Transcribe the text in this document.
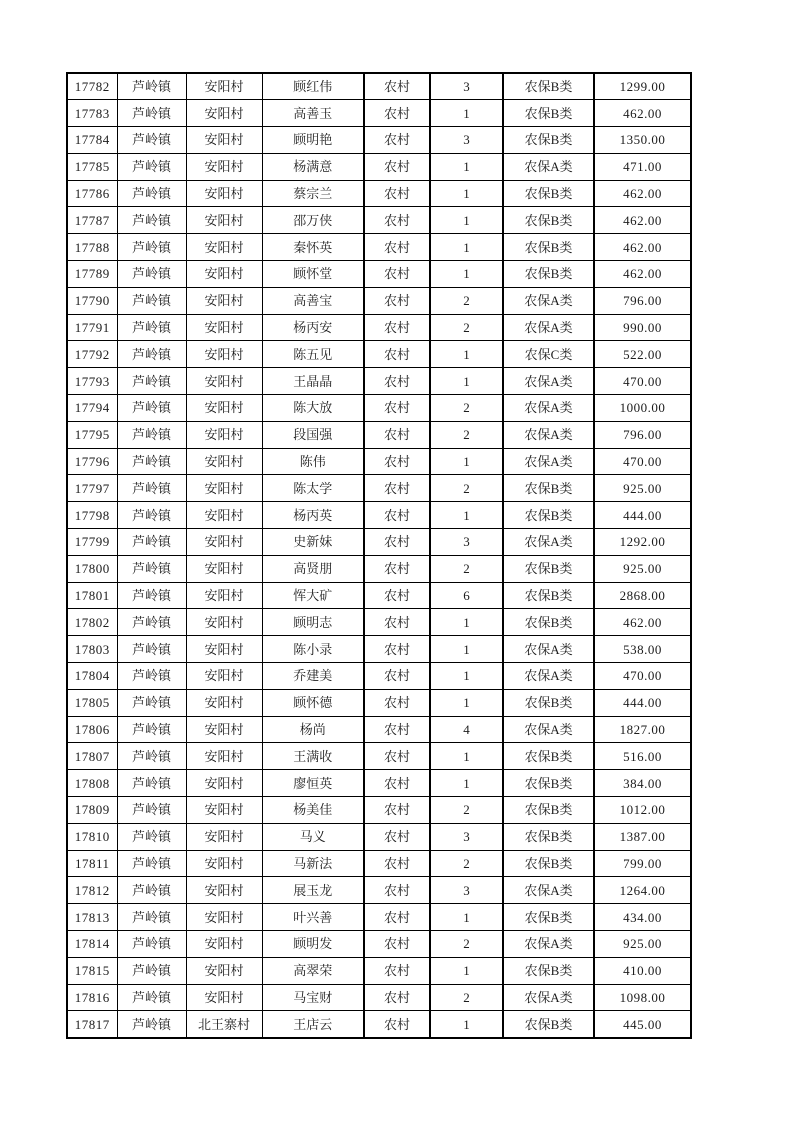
17782	芦岭镇	安阳村	顾红伟	农村	3	农保B类	1299.00
17783	芦岭镇	安阳村	高善玉	农村	1	农保B类	462.00
17784	芦岭镇	安阳村	顾明艳	农村	3	农保B类	1350.00
17785	芦岭镇	安阳村	杨满意	农村	1	农保A类	471.00
17786	芦岭镇	安阳村	蔡宗兰	农村	1	农保B类	462.00
17787	芦岭镇	安阳村	邵万侠	农村	1	农保B类	462.00
17788	芦岭镇	安阳村	秦怀英	农村	1	农保B类	462.00
17789	芦岭镇	安阳村	顾怀堂	农村	1	农保B类	462.00
17790	芦岭镇	安阳村	高善宝	农村	2	农保A类	796.00
17791	芦岭镇	安阳村	杨丙安	农村	2	农保A类	990.00
17792	芦岭镇	安阳村	陈五见	农村	1	农保C类	522.00
17793	芦岭镇	安阳村	王晶晶	农村	1	农保A类	470.00
17794	芦岭镇	安阳村	陈大放	农村	2	农保A类	1000.00
17795	芦岭镇	安阳村	段国强	农村	2	农保A类	796.00
17796	芦岭镇	安阳村	陈伟	农村	1	农保A类	470.00
17797	芦岭镇	安阳村	陈太学	农村	2	农保B类	925.00
17798	芦岭镇	安阳村	杨丙英	农村	1	农保B类	444.00
17799	芦岭镇	安阳村	史新妹	农村	3	农保A类	1292.00
17800	芦岭镇	安阳村	高贤朋	农村	2	农保B类	925.00
17801	芦岭镇	安阳村	恽大矿	农村	6	农保B类	2868.00
17802	芦岭镇	安阳村	顾明志	农村	1	农保B类	462.00
17803	芦岭镇	安阳村	陈小录	农村	1	农保A类	538.00
17804	芦岭镇	安阳村	乔建美	农村	1	农保A类	470.00
17805	芦岭镇	安阳村	顾怀德	农村	1	农保B类	444.00
17806	芦岭镇	安阳村	杨尚	农村	4	农保A类	1827.00
17807	芦岭镇	安阳村	王满收	农村	1	农保B类	516.00
17808	芦岭镇	安阳村	廖恒英	农村	1	农保B类	384.00
17809	芦岭镇	安阳村	杨美佳	农村	2	农保B类	1012.00
17810	芦岭镇	安阳村	马义	农村	3	农保B类	1387.00
17811	芦岭镇	安阳村	马新法	农村	2	农保B类	799.00
17812	芦岭镇	安阳村	展玉龙	农村	3	农保A类	1264.00
17813	芦岭镇	安阳村	叶兴善	农村	1	农保B类	434.00
17814	芦岭镇	安阳村	顾明发	农村	2	农保A类	925.00
17815	芦岭镇	安阳村	高翠荣	农村	1	农保B类	410.00
17816	芦岭镇	安阳村	马宝财	农村	2	农保A类	1098.00
17817	芦岭镇	北王寨村	王店云	农村	1	农保B类	445.00
